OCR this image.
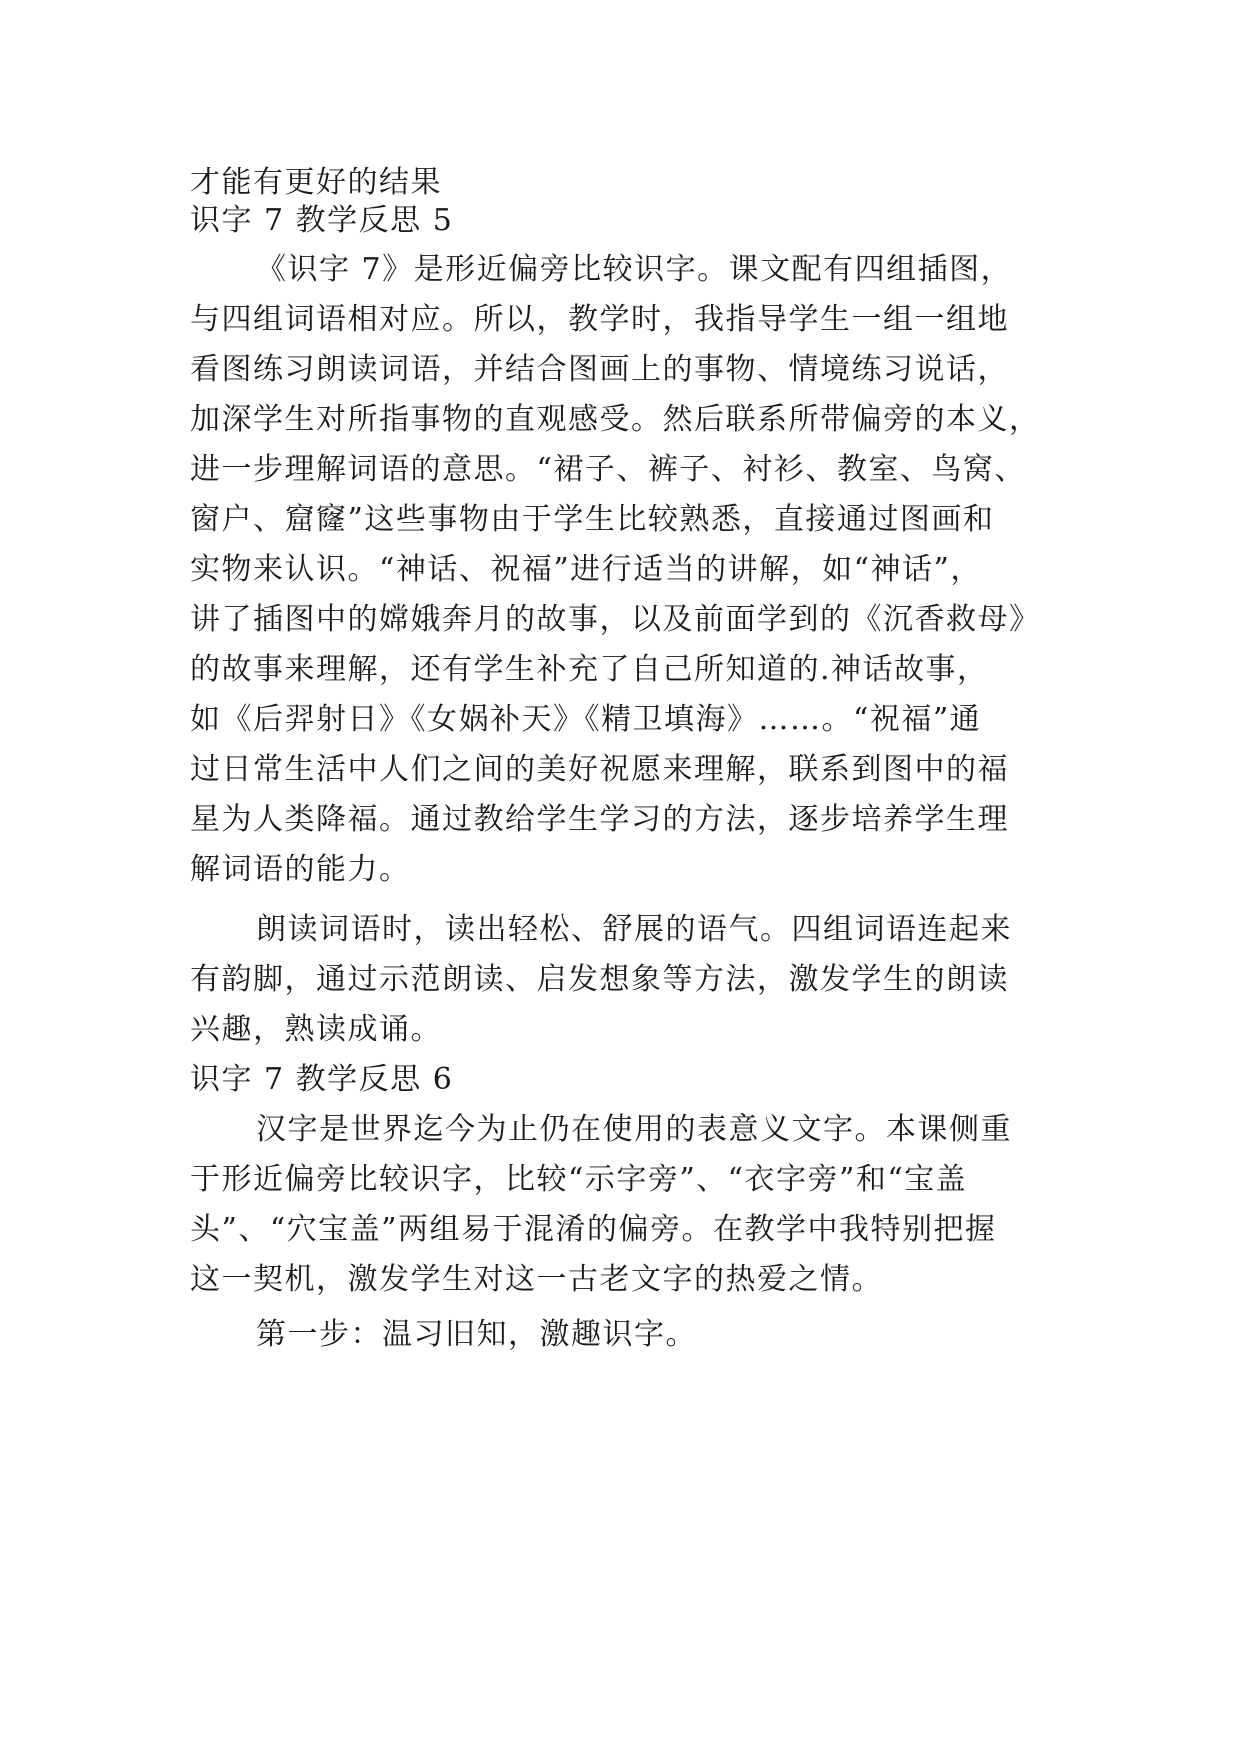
才能有更好的结果
识字 7 教学反思 5
《识字 7》是形近偏旁比较识字。课文配有四组插图，
与四组词语相对应。所以，教学时，我指导学生一组一组地
看图练习朗读词语，并结合图画上的事物、情境练习说话，
加深学生对所指事物的直观感受。然后联系所带偏旁的本义，
进一步理解词语的意思。“裙子、裤子、衬衫、教室、鸟窝、
窗户、窟窿”这些事物由于学生比较熟悉，直接通过图画和
实物来认识。“神话、祝福”进行适当的讲解，如“神话”，
讲了插图中的嫦娥奔月的故事，以及前面学到的《沉香救母》
的故事来理解，还有学生补充了自己所知道的.神话故事，
如《后羿射日》《女娲补天》《精卫填海》……。“祝福”通
过日常生活中人们之间的美好祝愿来理解，联系到图中的福
星为人类降福。通过教给学生学习的方法，逐步培养学生理
解词语的能力。
朗读词语时，读出轻松、舒展的语气。四组词语连起来
有韵脚，通过示范朗读、启发想象等方法，激发学生的朗读
兴趣，熟读成诵。
识字 7 教学反思 6
汉字是世界迄今为止仍在使用的表意义文字。本课侧重
于形近偏旁比较识字，比较“示字旁”、“衣字旁”和“宝盖
头”、“穴宝盖”两组易于混淆的偏旁。在教学中我特别把握
这一契机，激发学生对这一古老文字的热爱之情。
第一步：温习旧知，激趣识字。
